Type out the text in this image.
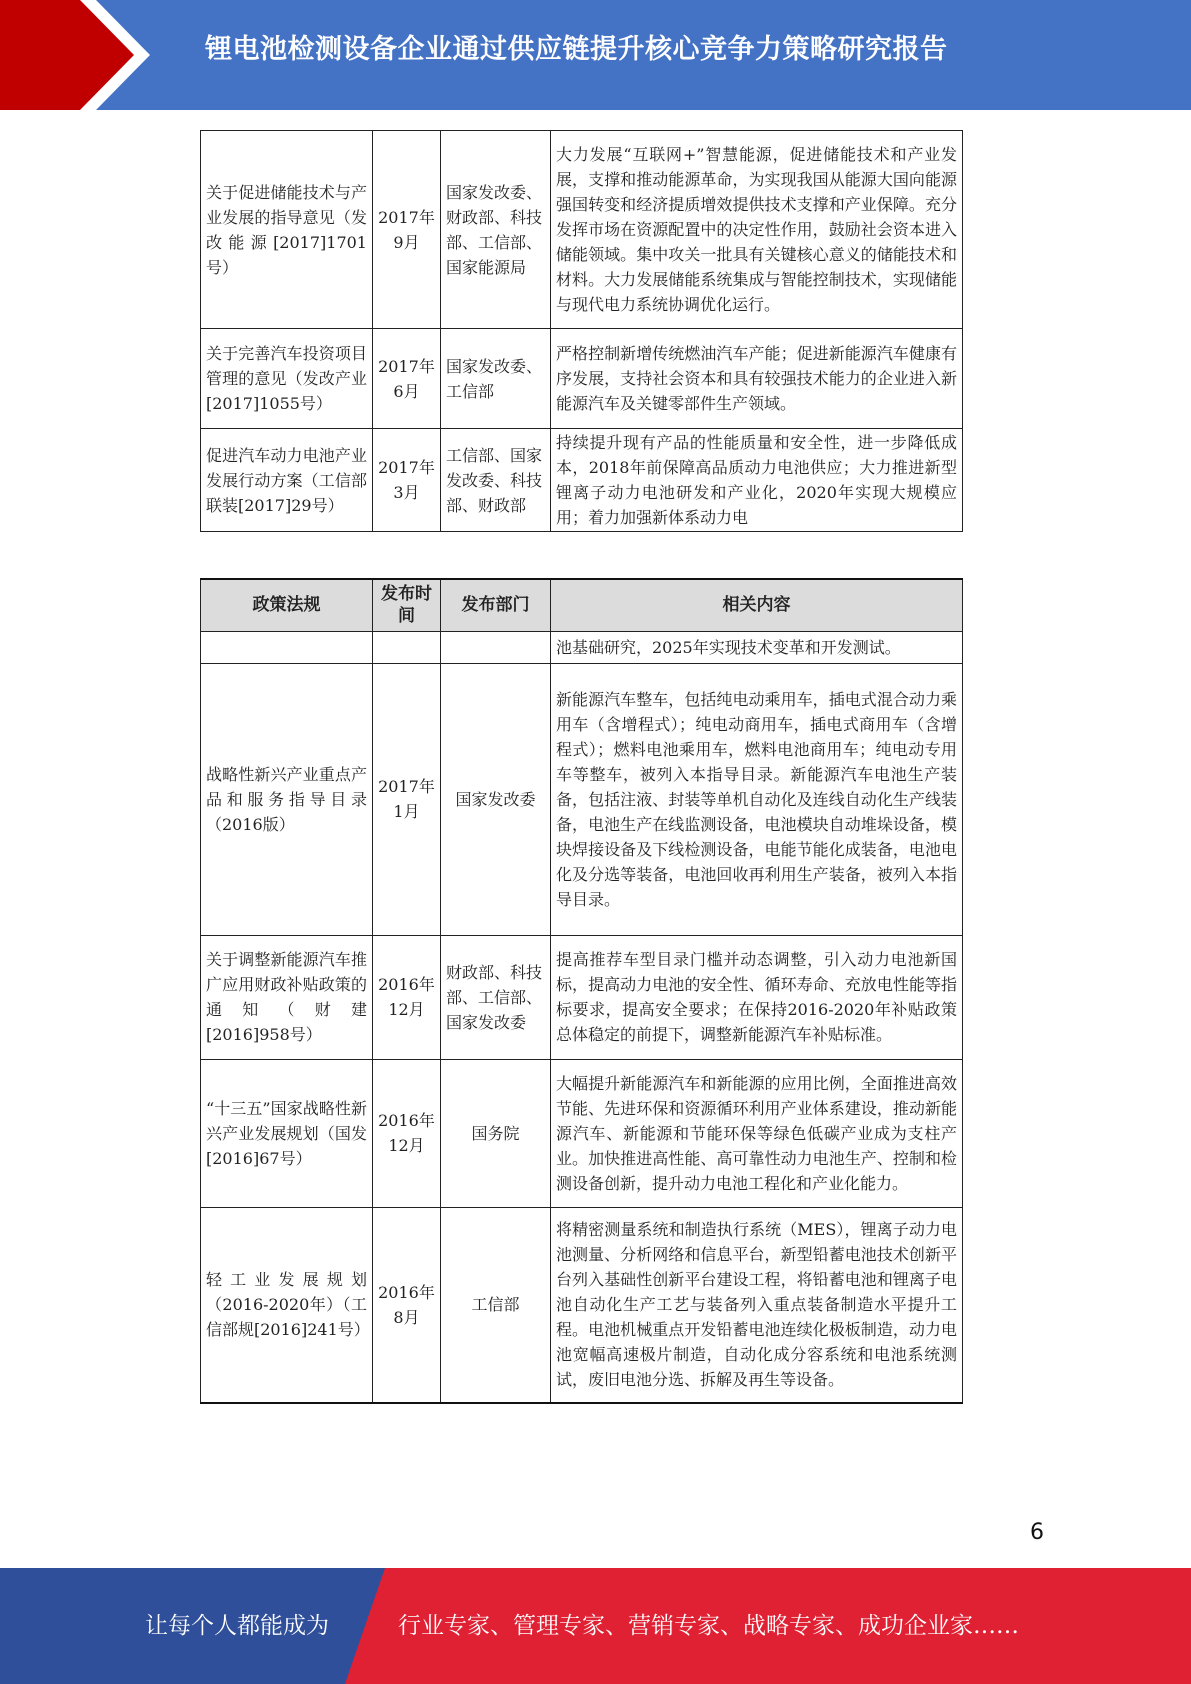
锂电池检测设备企业通过供应链提升核心竞争力策略研究报告
关于促进储能技术与产业发展的指导意见（发改能源[2017]1701号）	2017年9月	国家发改委、财政部、科技部、工信部、国家能源局	大力发展“互联网+”智慧能源，促进储能技术和产业发展，支撑和推动能源革命，为实现我国从能源大国向能源强国转变和经济提质增效提供技术支撑和产业保障。充分发挥市场在资源配置中的决定性作用，鼓励社会资本进入储能领域。集中攻关一批具有关键核心意义的储能技术和材料。大力发展储能系统集成与智能控制技术，实现储能与现代电力系统协调优化运行。
关于完善汽车投资项目管理的意见（发改产业[2017]1055号）	2017年6月	国家发改委、工信部	严格控制新增传统燃油汽车产能；促进新能源汽车健康有序发展，支持社会资本和具有较强技术能力的企业进入新能源汽车及关键零部件生产领域。
促进汽车动力电池产业发展行动方案（工信部联装[2017]29号）	2017年3月	工信部、国家发改委、科技部、财政部	持续提升现有产品的性能质量和安全性，进一步降低成本，2018年前保障高品质动力电池供应；大力推进新型锂离子动力电池研发和产业化，2020年实现大规模应用；着力加强新体系动力电
政策法规	发布时间	发布部门	相关内容
			池基础研究，2025年实现技术变革和开发测试。
战略性新兴产业重点产品和服务指导目录（2016版）	2017年1月	国家发改委	新能源汽车整车，包括纯电动乘用车，插电式混合动力乘用车（含增程式）；纯电动商用车，插电式商用车（含增程式）；燃料电池乘用车，燃料电池商用车；纯电动专用车等整车，被列入本指导目录。新能源汽车电池生产装备，包括注液、封装等单机自动化及连线自动化生产线装备，电池生产在线监测设备，电池模块自动堆垛设备，模块焊接设备及下线检测设备，电能节能化成装备，电池电化及分选等装备，电池回收再利用生产装备，被列入本指导目录。
关于调整新能源汽车推广应用财政补贴政策的通知（财建[2016]958号）	2016年12月	财政部、科技部、工信部、国家发改委	提高推荐车型目录门槛并动态调整，引入动力电池新国标，提高动力电池的安全性、循环寿命、充放电性能等指标要求，提高安全要求；在保持2016-2020年补贴政策总体稳定的前提下，调整新能源汽车补贴标准。
“十三五”国家战略性新兴产业发展规划（国发[2016]67号）	2016年12月	国务院	大幅提升新能源汽车和新能源的应用比例，全面推进高效节能、先进环保和资源循环利用产业体系建设，推动新能源汽车、新能源和节能环保等绿色低碳产业成为支柱产业。加快推进高性能、高可靠性动力电池生产、控制和检测设备创新，提升动力电池工程化和产业化能力。
轻工业发展规划（2016-2020年）（工信部规[2016]241号）	2016年8月	工信部	将精密测量系统和制造执行系统（MES），锂离子动力电池测量、分析网络和信息平台，新型铅蓄电池技术创新平台列入基础性创新平台建设工程，将铅蓄电池和锂离子电池自动化生产工艺与装备列入重点装备制造水平提升工程。电池机械重点开发铅蓄电池连续化极板制造，动力电池宽幅高速极片制造，自动化成分容系统和电池系统测试，废旧电池分选、拆解及再生等设备。
6
让每个人都能成为	行业专家、管理专家、营销专家、战略专家、成功企业家……
